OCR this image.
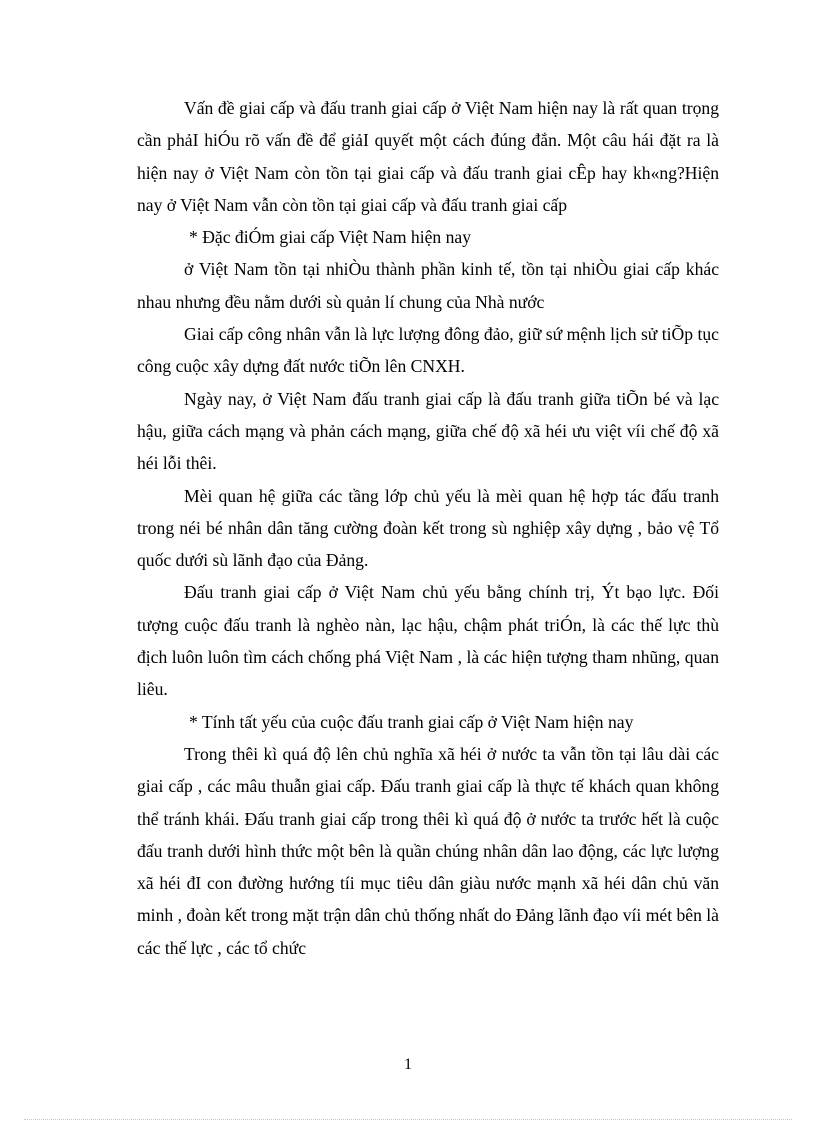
Vấn đề giai cấp và đấu tranh giai cấp ở Việt Nam hiện nay là rất quan trọng cần phảI hiÓu rõ vấn đề để giảI quyết một cách đúng đắn. Một câu hái đặt ra là hiện nay ở Việt Nam còn tồn tại giai cấp và đấu tranh giai cÊp hay kh«ng?Hiện nay ở Việt Nam vẫn còn tồn tại giai cấp và đấu tranh giai cấp

* Đặc điÓm giai cấp Việt Nam hiện nay

ở Việt Nam tồn tại nhiÒu thành phần kinh tế, tồn tại nhiÒu giai cấp khác nhau nhưng đều nằm dưới sù quản lí chung của Nhà nước

Giai cấp công nhân vẫn là lực lượng đông đảo, giữ sứ mệnh lịch sử tiÕp tục công cuộc xây dựng đất nước tiÕn lên CNXH.

Ngày nay, ở Việt Nam đấu tranh giai cấp là đấu tranh giữa tiÕn bé và lạc hậu, giữa cách mạng và phản cách mạng, giữa chế độ xã héi ưu việt víi chế độ xã héi lỗi thêi.

Mèi quan hệ giữa các tầng lớp chủ yếu là mèi quan hệ hợp tác đấu tranh trong néi bé nhân dân tăng cường đoàn kết trong sù nghiệp xây dựng , bảo vệ Tổ quốc dưới sù lãnh đạo của Đảng.

Đấu tranh giai cấp ở Việt Nam chủ yếu bằng chính trị, Ýt bạo lực. Đối tượng cuộc đấu tranh là nghèo nàn, lạc hậu, chậm phát triÓn, là các thế lực thù địch luôn luôn tìm cách chống phá Việt Nam , là các hiện tượng tham nhũng, quan liêu.

* Tính tất yếu của cuộc đấu tranh giai cấp ở Việt Nam hiện nay

Trong thêi kì quá độ lên chủ nghĩa xã héi ở nước ta vẫn tồn tại lâu dài các giai cấp , các mâu thuẫn giai cấp. Đấu tranh giai cấp là thực tế khách quan không thể tránh khái. Đấu tranh giai cấp trong thêi kì quá độ ở nước ta trước hết là cuộc đấu tranh dưới hình thức một bên là quần chúng nhân dân lao động, các lực lượng xã héi đI con đường hướng tíi mục tiêu dân giàu nước mạnh xã héi dân chủ văn minh , đoàn kết trong mặt trận dân chủ thống nhất do Đảng lãnh đạo víi mét bên là các thế lực , các tổ chức

1
